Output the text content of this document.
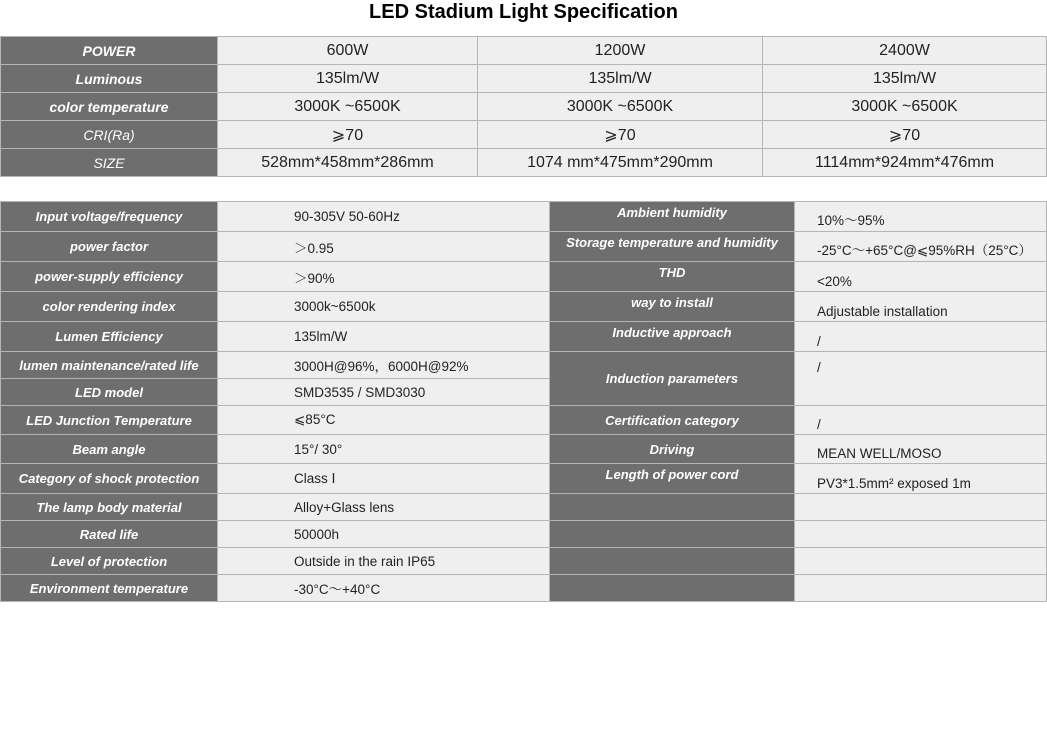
LED Stadium Light Specification
POWER	600W	1200W	2400W
Luminous	135lm/W	135lm/W	135lm/W
color temperature	3000K ~6500K	3000K ~6500K	3000K ~6500K
CRI(Ra)	⩾70	⩾70	⩾70
SIZE	528mm*458mm*286mm	1074 mm*475mm*290mm	1114mm*924mm*476mm
Input voltage/frequency	90-305V 50-60Hz	Ambient humidity	10%～95%
power factor	＞0.95	Storage temperature and humidity	-25°C～+65°C@⩽95%RH（25°C）
power-supply efficiency	＞90%	THD	<20%
color rendering index	3000k~6500k	way to install	Adjustable installation
Lumen Efficiency	135lm/W	Inductive approach	/
lumen maintenance/rated life	3000H@96%，6000H@92%	Induction parameters	/
LED model	SMD3535 / SMD3030		
LED Junction Temperature	⩽85°C	Certification category	/
Beam angle	15°/ 30°	Driving	MEAN WELL/MOSO
Category of shock protection	Class Ⅰ	Length of power cord	PV3*1.5mm² exposed 1m
The lamp body material	Alloy+Glass lens		
Rated life	50000h		
Level of protection	Outside in the rain IP65		
Environment temperature	-30°C～+40°C		
